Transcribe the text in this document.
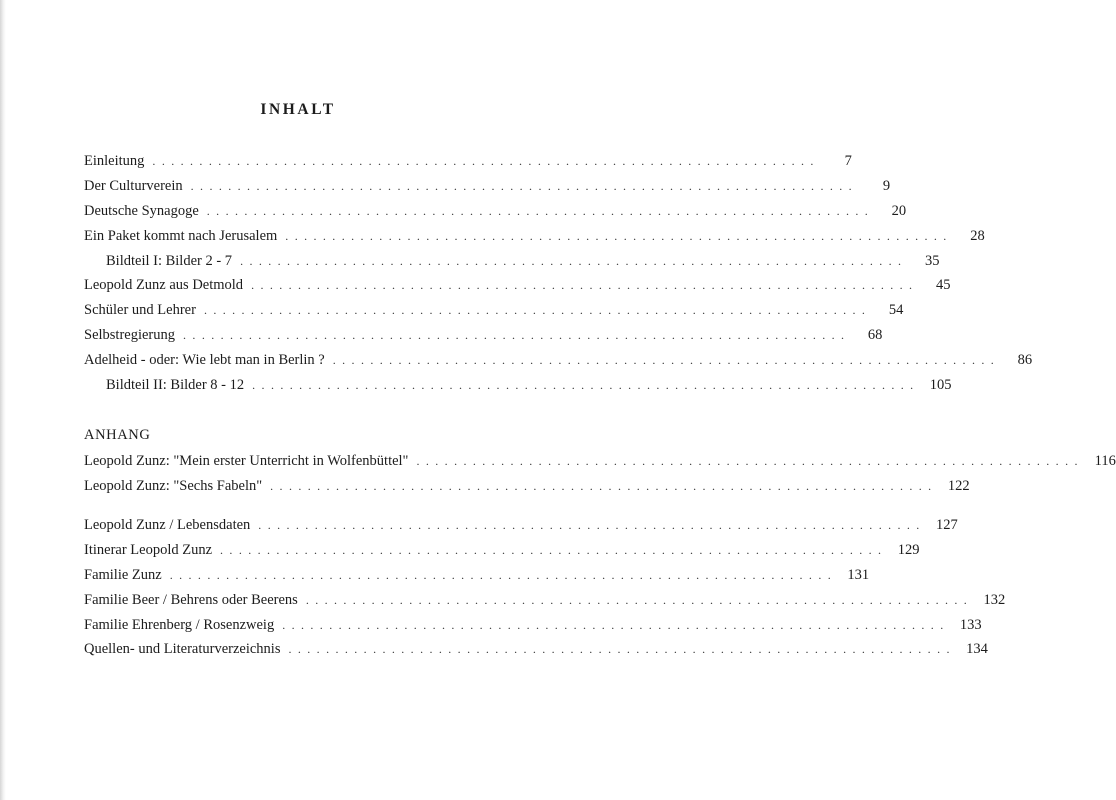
INHALT
Einleitung .......................................................................	7
Der Culturverein .......................................................................	9
Deutsche Synagoge .......................................................................	20
Ein Paket kommt nach Jerusalem .......................................................................	28
Bildteil I: Bilder 2 - 7 .......................................................................	35
Leopold Zunz aus Detmold .......................................................................	45
Schüler und Lehrer .......................................................................	54
Selbstregierung .......................................................................	68
Adelheid - oder: Wie lebt man in Berlin ? .......................................................................	86
Bildteil II: Bilder 8 - 12 ....................................................................... 105
ANHANG
Leopold Zunz: "Mein erster Unterricht in Wolfenbüttel" ....................................................................... 116
Leopold Zunz: "Sechs Fabeln" ....................................................................... 122
Leopold Zunz / Lebensdaten ....................................................................... 127
Itinerar Leopold Zunz ....................................................................... 129
Familie Zunz ....................................................................... 131
Familie Beer / Behrens oder Beerens ....................................................................... 132
Familie Ehrenberg / Rosenzweig ....................................................................... 133
Quellen- und Literaturverzeichnis ....................................................................... 134
